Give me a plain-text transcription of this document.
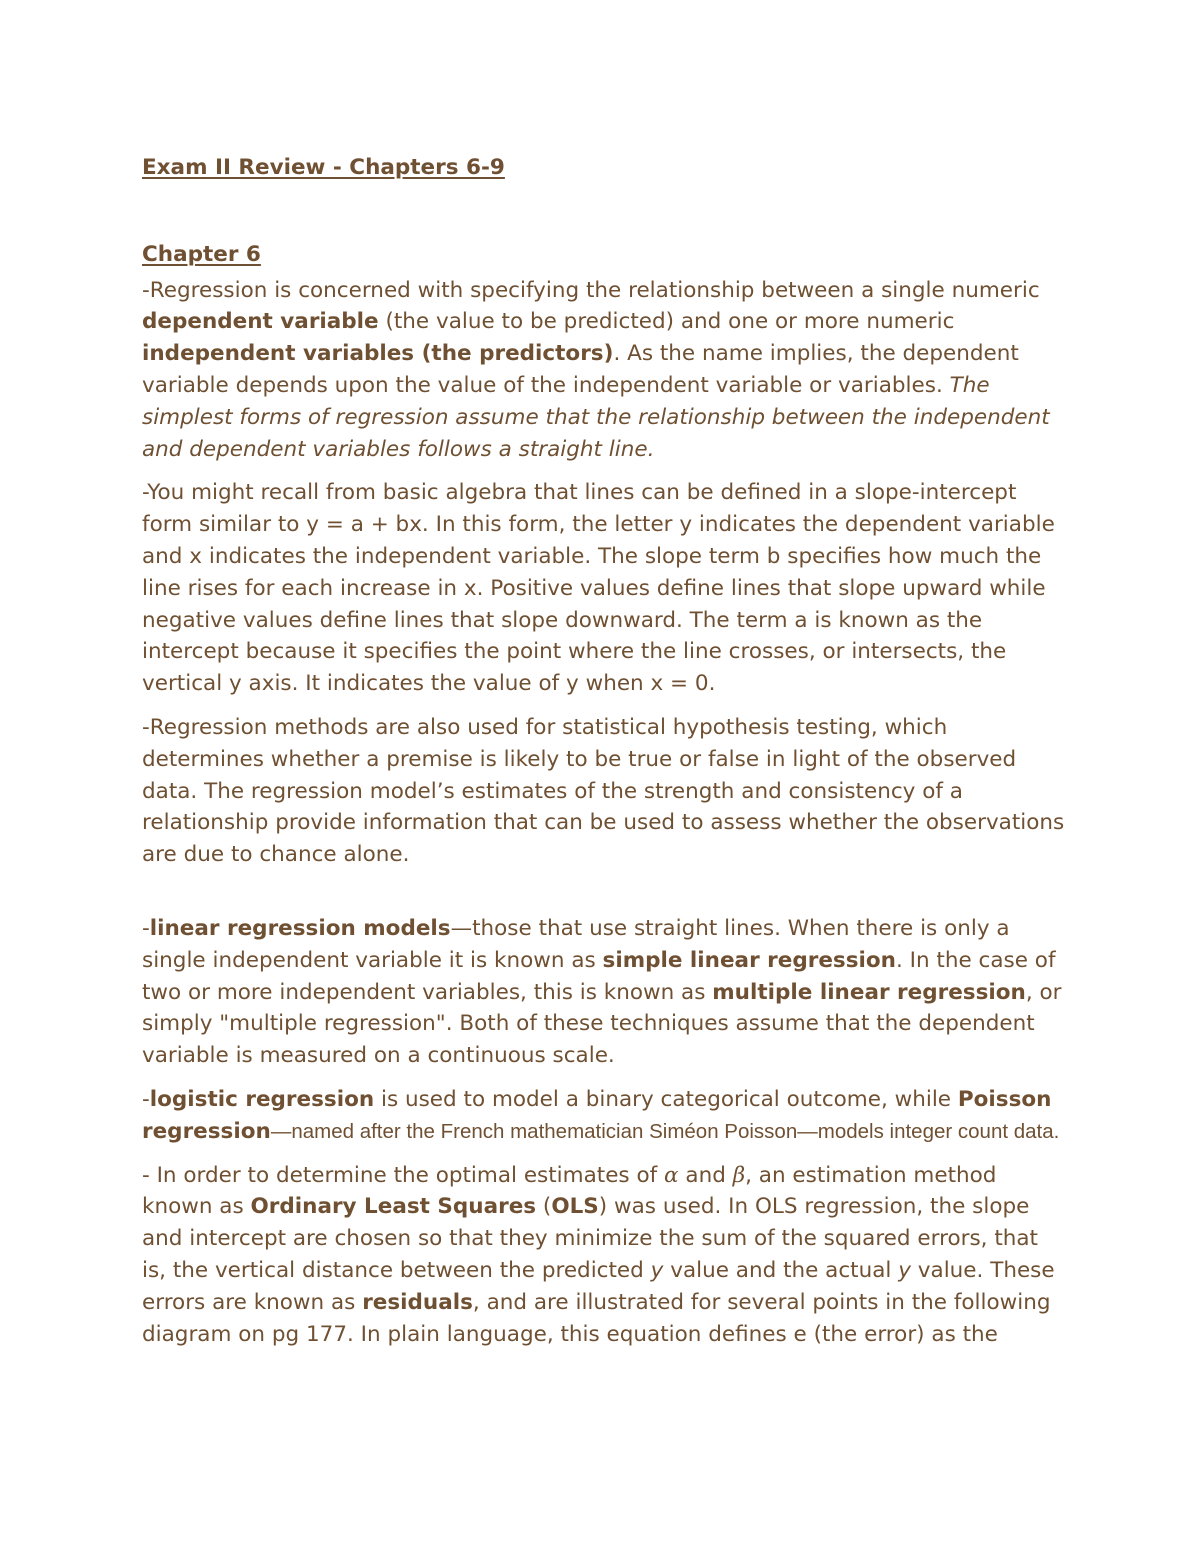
Exam II Review - Chapters 6-9

Chapter 6

-Regression is concerned with specifying the relationship between a single numeric dependent variable (the value to be predicted) and one or more numeric independent variables (the predictors). As the name implies, the dependent variable depends upon the value of the independent variable or variables. The simplest forms of regression assume that the relationship between the independent and dependent variables follows a straight line.

-You might recall from basic algebra that lines can be defined in a slope-intercept form similar to y = a + bx. In this form, the letter y indicates the dependent variable and x indicates the independent variable. The slope term b specifies how much the line rises for each increase in x. Positive values define lines that slope upward while negative values define lines that slope downward. The term a is known as the intercept because it specifies the point where the line crosses, or intersects, the vertical y axis. It indicates the value of y when x = 0.

-Regression methods are also used for statistical hypothesis testing, which determines whether a premise is likely to be true or false in light of the observed data. The regression model’s estimates of the strength and consistency of a relationship provide information that can be used to assess whether the observations are due to chance alone.

-linear regression models—those that use straight lines. When there is only a single independent variable it is known as simple linear regression. In the case of two or more independent variables, this is known as multiple linear regression, or simply "multiple regression". Both of these techniques assume that the dependent variable is measured on a continuous scale.

-logistic regression is used to model a binary categorical outcome, while Poisson regression—named after the French mathematician Siméon Poisson—models integer count data.

- In order to determine the optimal estimates of α and β, an estimation method known as Ordinary Least Squares (OLS) was used. In OLS regression, the slope and intercept are chosen so that they minimize the sum of the squared errors, that is, the vertical distance between the predicted y value and the actual y value. These errors are known as residuals, and are illustrated for several points in the following diagram on pg 177. In plain language, this equation defines e (the error) as the
